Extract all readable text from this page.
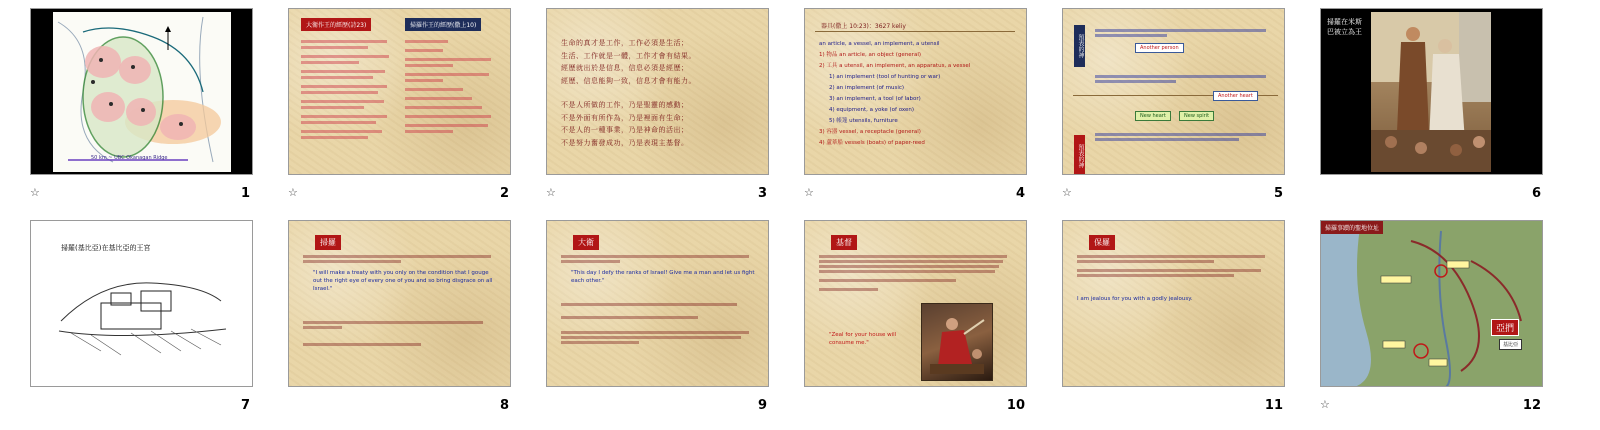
50 km ~ UBC Okanagan Ridge
☆	1
大衛作王的經歷(詩23)	掃羅作王的經歷(撒上10)
☆	2
生命的真才是工作，工作必須是生活；
生活、工作就是一體，工作才會有結果。
經歷就出於是信息，信息必須是經歷；
經歷、信息能夠一致，信息才會有能力。
不是人所做的工作，乃是聖靈的感動；
不是外面有所作為，乃是裡面有生命；
不是人的一種事業，乃是神命的活出；
不是努力奮發成功，乃是表現主基督。
☆	3
器具(撒上 10:23)：3627 keliy
an article, a vessel, an implement, a utensil
1) 物品 an article, an object (general)
2) 工具 a utensil, an implement, an apparatus, a vessel
1) an implement (tool of hunting or war)
2) an implement (of music)
3) an implement, a tool (of labor)
4) equipment, a yoke (of oxen)
5) 帳篷 utensils, furniture
3) 容器 vessel, a receptacle (general)
4) 蘆葦船 vessels (boats) of paper-reed
☆	4
預表的神
預表的神
Another person
Another heart
New heart	New spirit
☆	5
掃羅在米斯巴被立為王
6
掃羅(基比亞)在基比亞的王宮
7
掃羅
"I will make a treaty with you only on the condition that I gouge out the right eye of every one of you and so bring disgrace on all Israel."
8
大衛
"This day I defy the ranks of Israel! Give me a man and let us fight each other."
9
基督
"Zeal for your house will consume me."
10
保羅
I am jealous for you with a godly jealousy.
11
掃羅事蹟的聖地位址
亞捫
基比亞
☆	12
